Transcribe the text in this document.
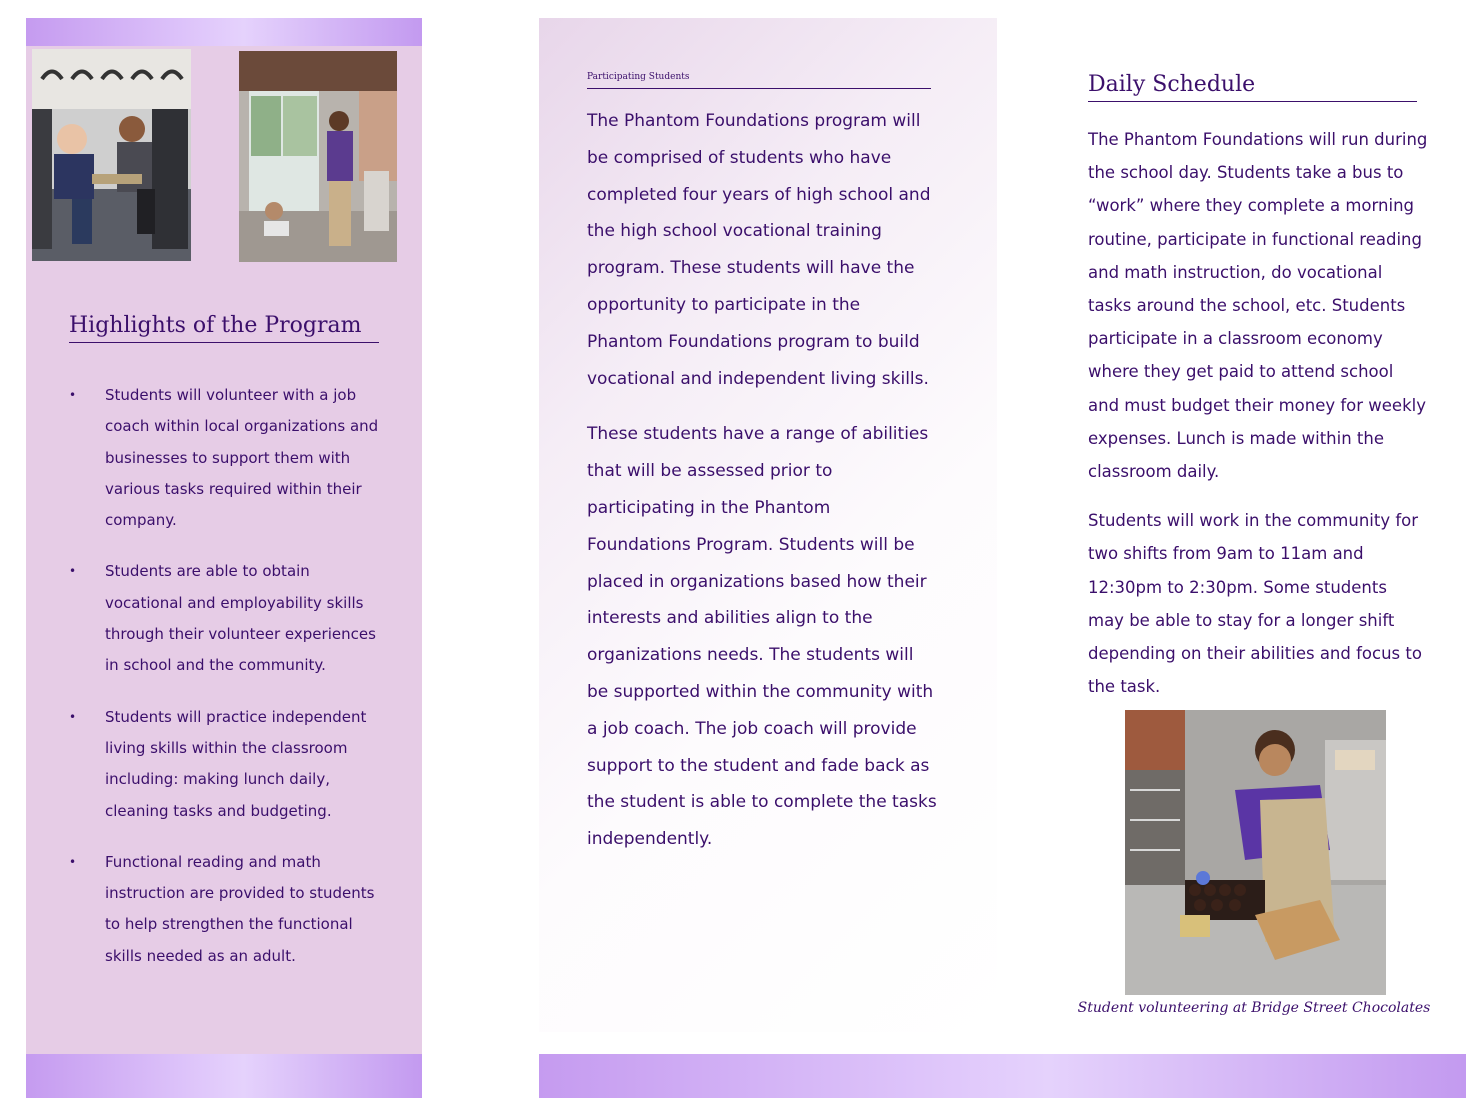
Highlights of the Program
• Students will volunteer with a job coach within local organizations and businesses to support them with various tasks required within their company.
• Students are able to obtain vocational and employability skills through their volunteer experiences in school and the community.
• Students will practice independent living skills within the classroom including: making lunch daily, cleaning tasks and budgeting.
• Functional reading and math instruction are provided to students to help strengthen the functional skills needed as an adult.
Participating Students

The Phantom Foundations program will be comprised of students who have completed four years of high school and the high school vocational training program. These students will have the opportunity to participate in the Phantom Foundations program to build vocational and independent living skills.

These students have a range of abilities that will be assessed prior to participating in the Phantom Foundations Program. Students will be placed in organizations based how their interests and abilities align to the organizations needs. The students will be supported within the community with a job coach. The job coach will provide support to the student and fade back as the student is able to complete the tasks independently.

Daily Schedule

The Phantom Foundations will run during the school day. Students take a bus to “work” where they complete a morning routine, participate in functional reading and math instruction, do vocational tasks around the school, etc. Students participate in a classroom economy where they get paid to attend school and must budget their money for weekly expenses. Lunch is made within the classroom daily.

Students will work in the community for two shifts from 9am to 11am and 12:30pm to 2:30pm. Some students may be able to stay for a longer shift depending on their abilities and focus to the task.

Student volunteering at Bridge Street Chocolates
